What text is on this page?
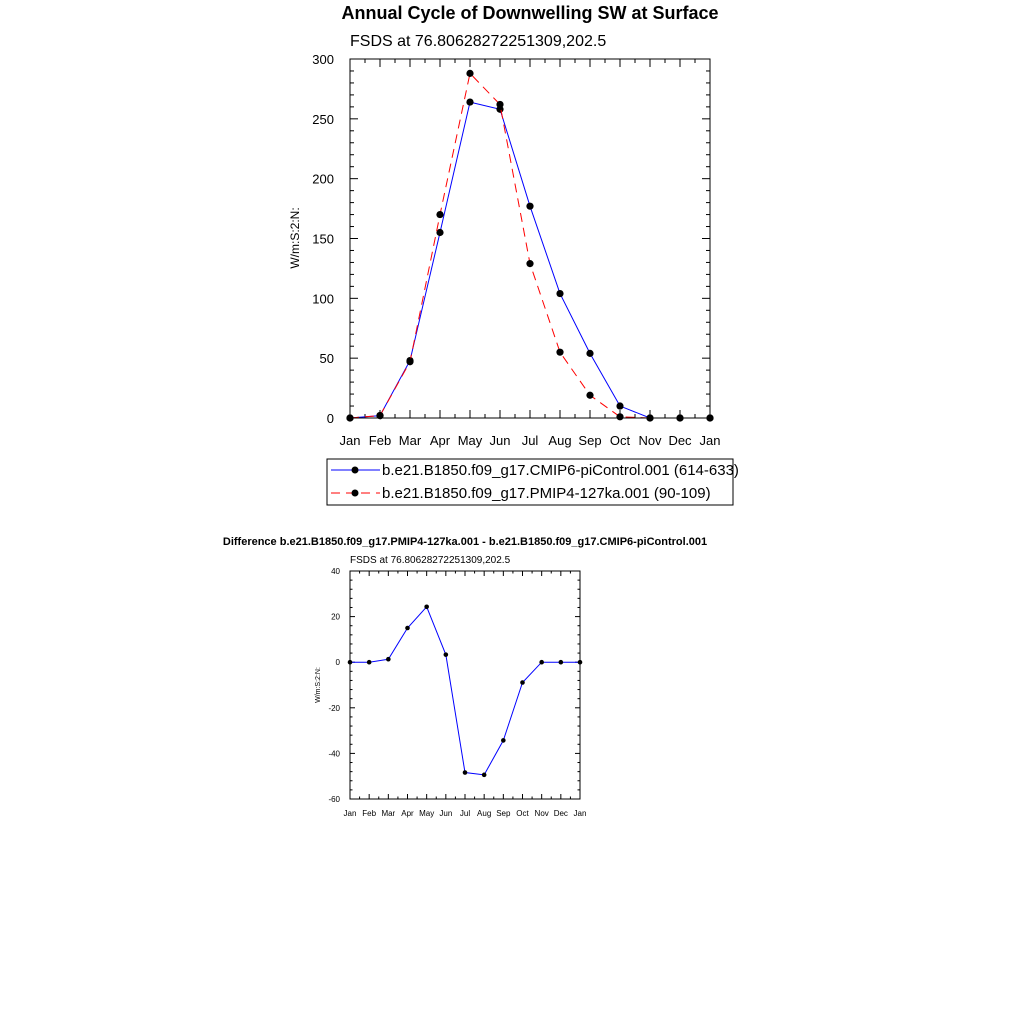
Annual Cycle of Downwelling SW at Surface
FSDS at 76.80628272251309,202.5
W/m:S:2:N:
Jan Feb Mar Apr May Jun Jul Aug Sep Oct Nov Dec Jan
0
50
100
150
200
250
300
b.e21.B1850.f09_g17.CMIP6-piControl.001 (614-633)
b.e21.B1850.f09_g17.PMIP4-127ka.001 (90-109)
Difference b.e21.B1850.f09_g17.PMIP4-127ka.001 - b.e21.B1850.f09_g17.CMIP6-piControl.001
FSDS at 76.80628272251309,202.5
W/m:S:2:N:
Jan Feb Mar Apr May Jun Jul Aug Sep Oct Nov Dec Jan
-60
-40
-20
0
20
40
